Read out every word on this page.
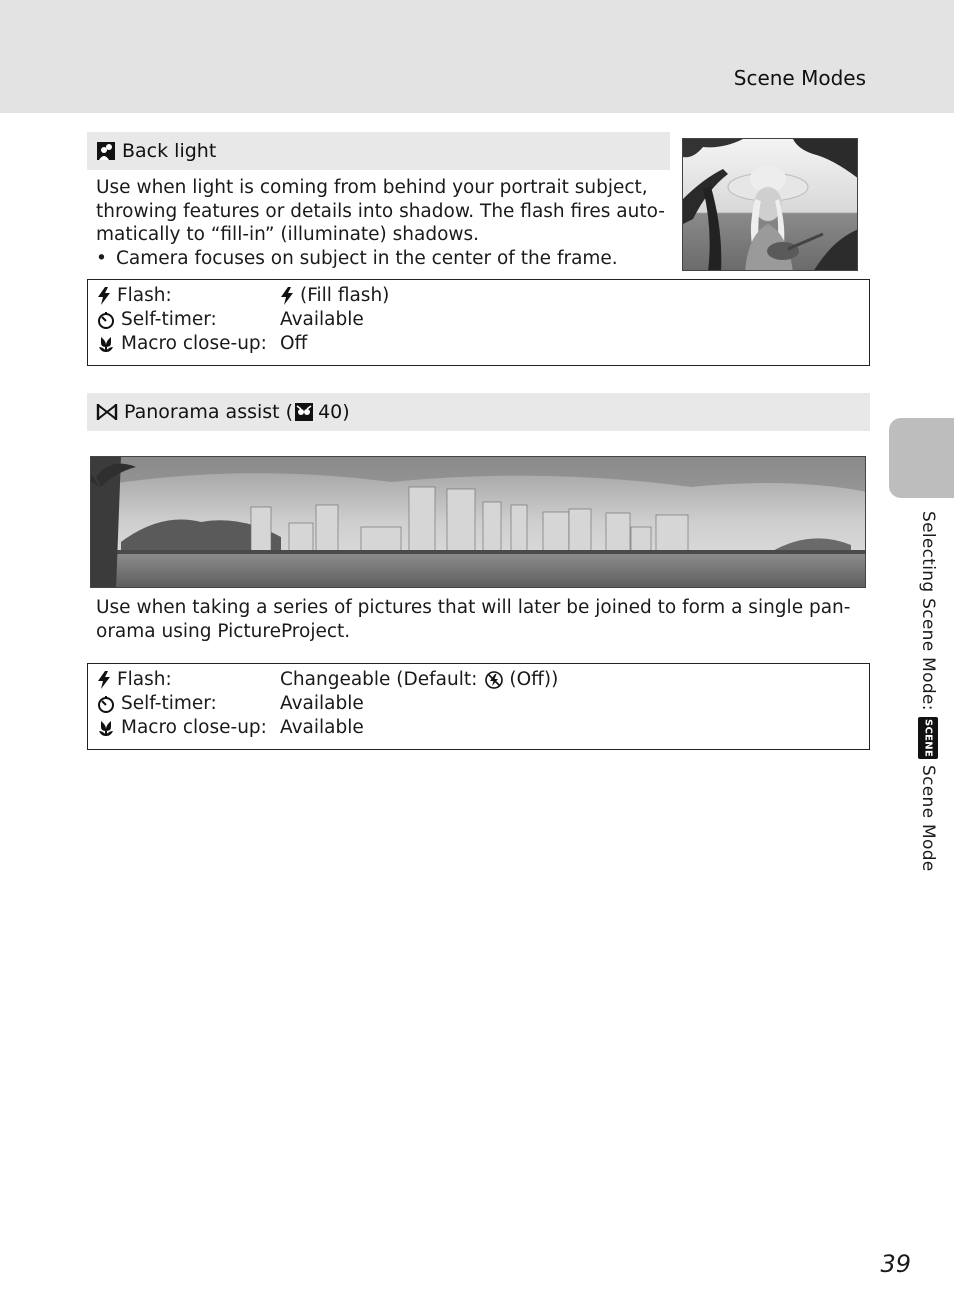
Scene Modes
Back light

Use when light is coming from behind your portrait subject,

throwing features or details into shadow. The flash fires auto-

matically to “fill-in” (illuminate) shadows.

• Camera focuses on subject in the center of the frame.
Flash:	(Fill flash)
Self-timer:	Available
Macro close-up: Off
Panorama assist ( 40)

Use when taking a series of pictures that will later be joined to form a single pan-

orama using PictureProject.

Flash:	Changeable (Default: (Off))
Self-timer:	Available
Macro close-up: Available
Selecting Scene Mode:
SCENE
Scene Mode
39
